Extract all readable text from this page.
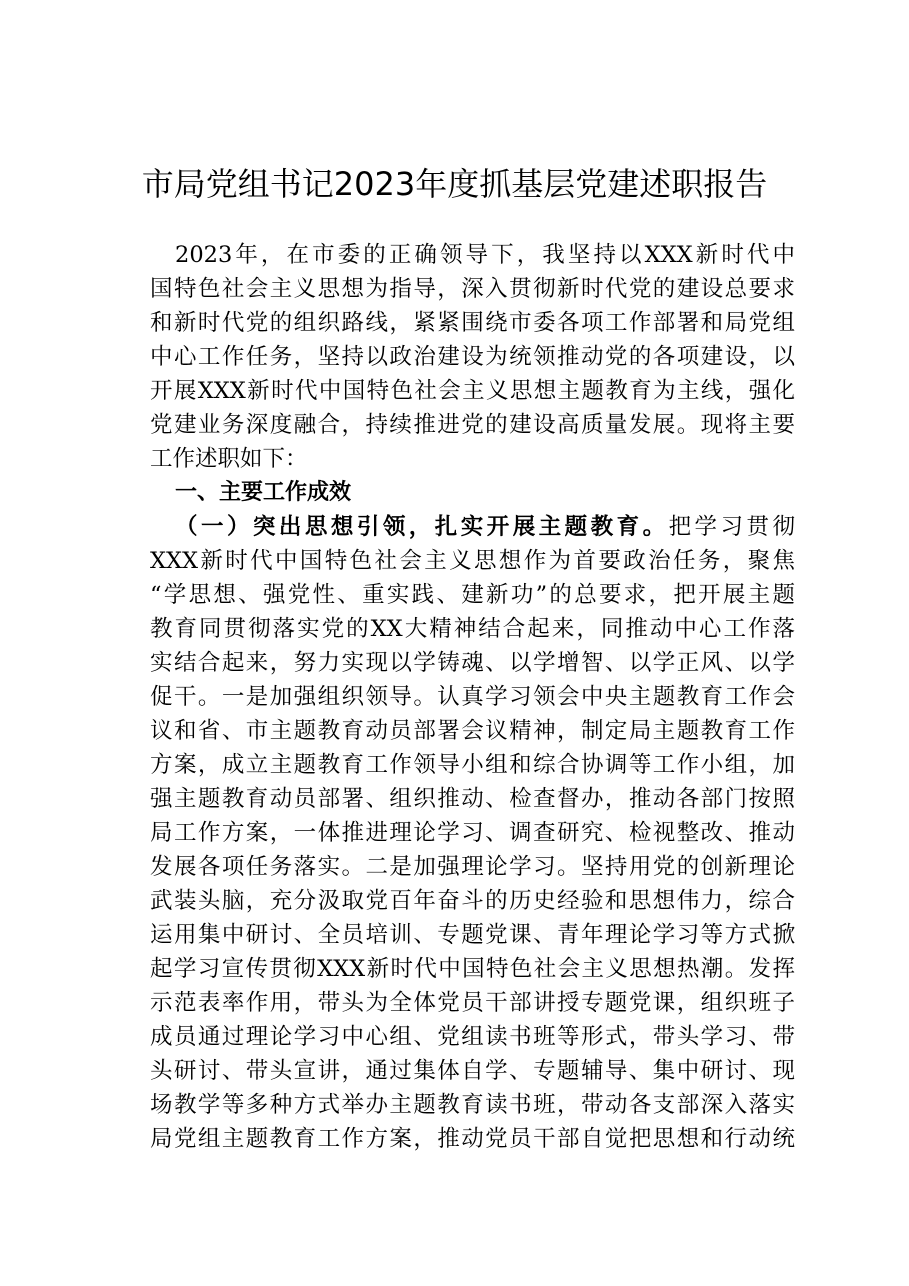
市局党组书记2023年度抓基层党建述职报告
2023年，在市委的正确领导下，我坚持以XXX新时代中
国特色社会主义思想为指导，深入贯彻新时代党的建设总要求
和新时代党的组织路线，紧紧围绕市委各项工作部署和局党组
中心工作任务，坚持以政治建设为统领推动党的各项建设，以
开展XXX新时代中国特色社会主义思想主题教育为主线，强化
党建业务深度融合，持续推进党的建设高质量发展。现将主要
工作述职如下：
一、主要工作成效
（一）突出思想引领，扎实开展主题教育。把学习贯彻
XXX新时代中国特色社会主义思想作为首要政治任务，聚焦
“学思想、强党性、重实践、建新功”的总要求，把开展主题
教育同贯彻落实党的XX大精神结合起来，同推动中心工作落
实结合起来，努力实现以学铸魂、以学增智、以学正风、以学
促干。一是加强组织领导。认真学习领会中央主题教育工作会
议和省、市主题教育动员部署会议精神，制定局主题教育工作
方案，成立主题教育工作领导小组和综合协调等工作小组，加
强主题教育动员部署、组织推动、检查督办，推动各部门按照
局工作方案，一体推进理论学习、调查研究、检视整改、推动
发展各项任务落实。二是加强理论学习。坚持用党的创新理论
武装头脑，充分汲取党百年奋斗的历史经验和思想伟力，综合
运用集中研讨、全员培训、专题党课、青年理论学习等方式掀
起学习宣传贯彻XXX新时代中国特色社会主义思想热潮。发挥
示范表率作用，带头为全体党员干部讲授专题党课，组织班子
成员通过理论学习中心组、党组读书班等形式，带头学习、带
头研讨、带头宣讲，通过集体自学、专题辅导、集中研讨、现
场教学等多种方式举办主题教育读书班，带动各支部深入落实
局党组主题教育工作方案，推动党员干部自觉把思想和行动统
